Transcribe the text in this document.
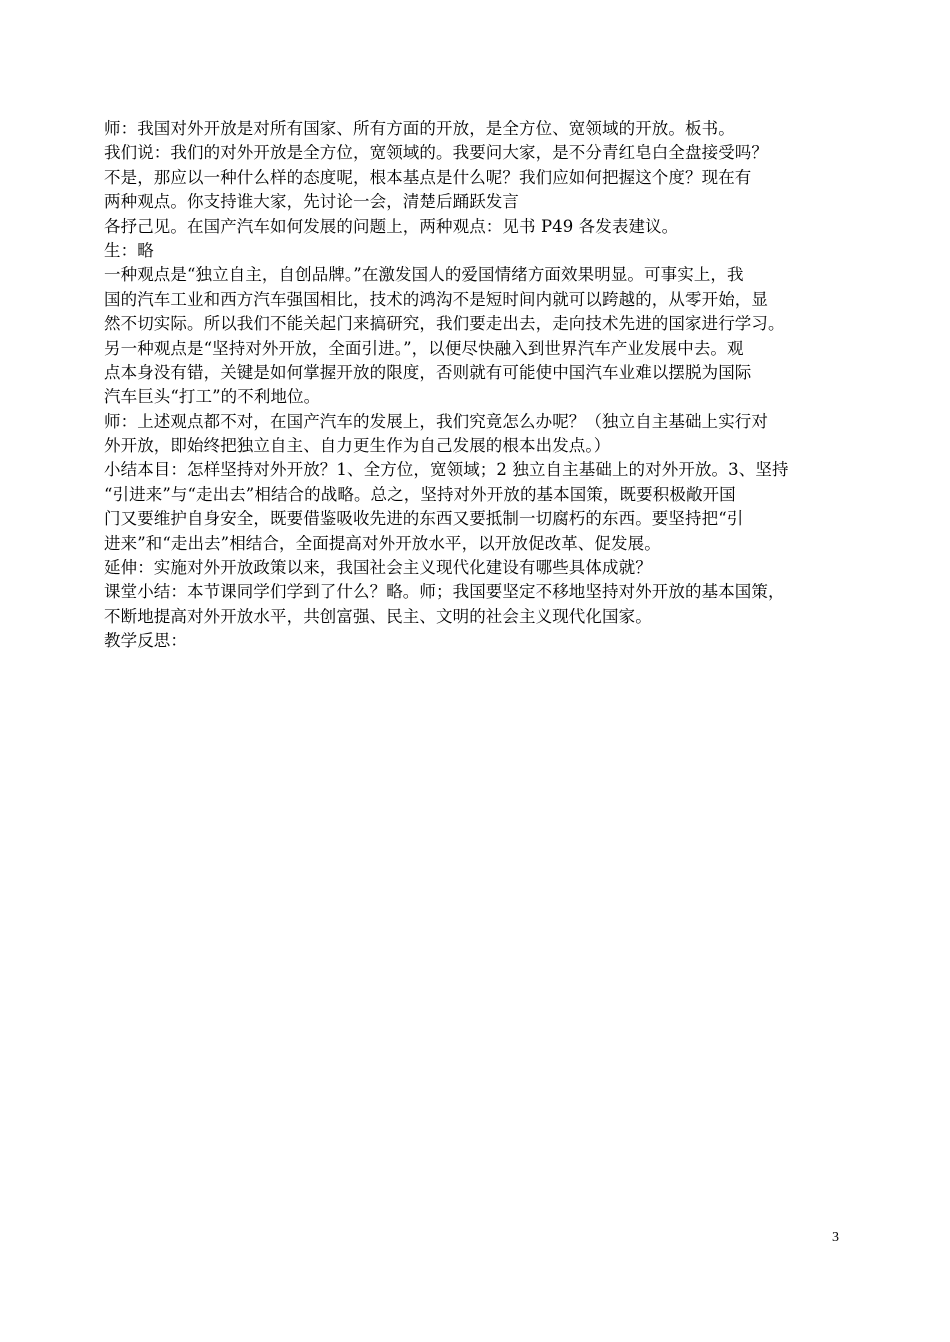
师：我国对外开放是对所有国家、所有方面的开放，是全方位、宽领域的开放。板书。
我们说：我们的对外开放是全方位，宽领域的。我要问大家，是不分青红皂白全盘接受吗？
不是，那应以一种什么样的态度呢，根本基点是什么呢？我们应如何把握这个度？现在有
两种观点。你支持谁大家，先讨论一会，清楚后踊跃发言
各抒己见。在国产汽车如何发展的问题上，两种观点：见书 P49 各发表建议。
生：略
一种观点是“独立自主，自创品牌。”在激发国人的爱国情绪方面效果明显。可事实上，我
国的汽车工业和西方汽车强国相比，技术的鸿沟不是短时间内就可以跨越的，从零开始，显
然不切实际。所以我们不能关起门来搞研究，我们要走出去，走向技术先进的国家进行学习。
另一种观点是“坚持对外开放，全面引进。”，以便尽快融入到世界汽车产业发展中去。观
点本身没有错，关键是如何掌握开放的限度，否则就有可能使中国汽车业难以摆脱为国际
汽车巨头“打工”的不利地位。
师：上述观点都不对，在国产汽车的发展上，我们究竟怎么办呢？（独立自主基础上实行对
外开放，即始终把独立自主、自力更生作为自己发展的根本出发点。）
小结本目：怎样坚持对外开放？1、全方位，宽领域；2 独立自主基础上的对外开放。3、坚持
“引进来”与“走出去”相结合的战略。总之，坚持对外开放的基本国策，既要积极敞开国
门又要维护自身安全，既要借鉴吸收先进的东西又要抵制一切腐朽的东西。要坚持把“引
进来”和“走出去”相结合，全面提高对外开放水平，以开放促改革、促发展。
延伸：实施对外开放政策以来，我国社会主义现代化建设有哪些具体成就？
课堂小结：本节课同学们学到了什么？略。师；我国要坚定不移地坚持对外开放的基本国策，
不断地提高对外开放水平，共创富强、民主、文明的社会主义现代化国家。
教学反思：
3
